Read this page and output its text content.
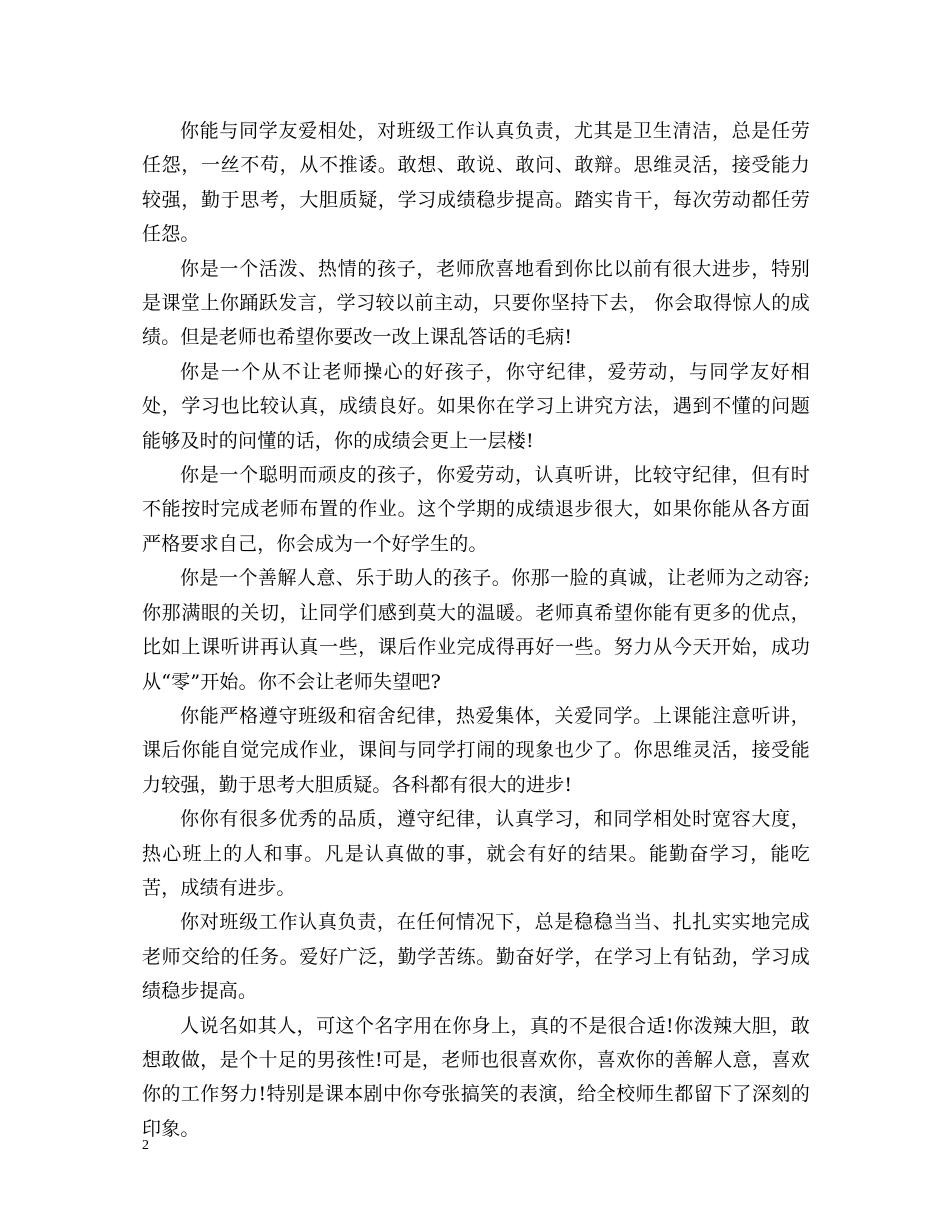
你能与同学友爱相处，对班级工作认真负责，尤其是卫生清洁，总是任劳任怨，一丝不苟，从不推诿。敢想、敢说、敢问、敢辩。思维灵活，接受能力较强，勤于思考，大胆质疑，学习成绩稳步提高。踏实肯干，每次劳动都任劳任怨。

你是一个活泼、热情的孩子，老师欣喜地看到你比以前有很大进步，特别是课堂上你踊跃发言，学习较以前主动，只要你坚持下去， 你会取得惊人的成绩。但是老师也希望你要改一改上课乱答话的毛病!

你是一个从不让老师操心的好孩子，你守纪律，爱劳动，与同学友好相处，学习也比较认真，成绩良好。如果你在学习上讲究方法，遇到不懂的问题能够及时的问懂的话，你的成绩会更上一层楼!

你是一个聪明而顽皮的孩子，你爱劳动，认真听讲，比较守纪律，但有时不能按时完成老师布置的作业。这个学期的成绩退步很大，如果你能从各方面严格要求自己，你会成为一个好学生的。

你是一个善解人意、乐于助人的孩子。你那一脸的真诚，让老师为之动容;你那满眼的关切，让同学们感到莫大的温暖。老师真希望你能有更多的优点，比如上课听讲再认真一些，课后作业完成得再好一些。努力从今天开始，成功从“零”开始。你不会让老师失望吧?

你能严格遵守班级和宿舍纪律，热爱集体，关爱同学。上课能注意听讲，课后你能自觉完成作业，课间与同学打闹的现象也少了。你思维灵活，接受能力较强，勤于思考大胆质疑。各科都有很大的进步!

你你有很多优秀的品质，遵守纪律，认真学习，和同学相处时宽容大度，热心班上的人和事。凡是认真做的事，就会有好的结果。能勤奋学习，能吃苦，成绩有进步。

你对班级工作认真负责，在任何情况下，总是稳稳当当、扎扎实实地完成老师交给的任务。爱好广泛，勤学苦练。勤奋好学，在学习上有钻劲，学习成绩稳步提高。

人说名如其人，可这个名字用在你身上，真的不是很合适!你泼辣大胆，敢想敢做，是个十足的男孩性!可是，老师也很喜欢你，喜欢你的善解人意，喜欢你的工作努力!特别是课本剧中你夸张搞笑的表演，给全校师生都留下了深刻的印象。

2
